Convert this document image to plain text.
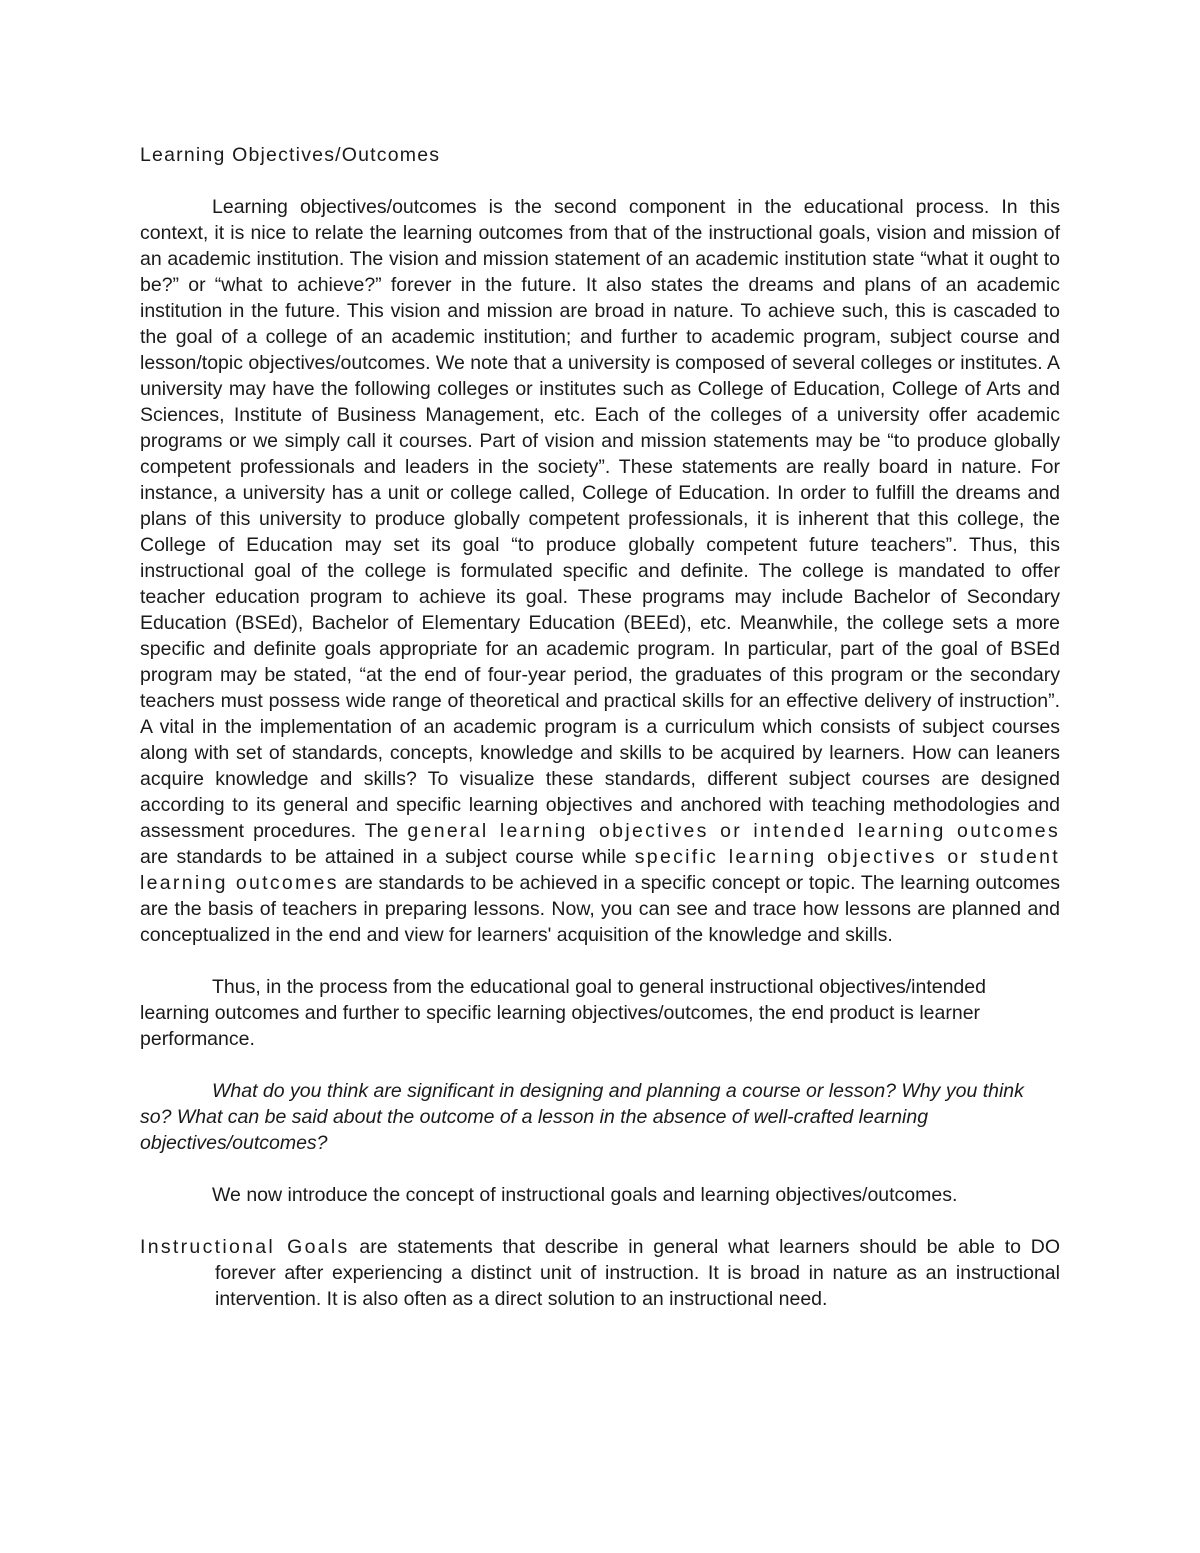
Learning Objectives/Outcomes

Learning objectives/outcomes is the second component in the educational process. In this context, it is nice to relate the learning outcomes from that of the instructional goals, vision and mission of an academic institution. The vision and mission statement of an academic institution state “what it ought to be?” or “what to achieve?” forever in the future. It also states the dreams and plans of an academic institution in the future. This vision and mission are broad in nature. To achieve such, this is cascaded to the goal of a college of an academic institution; and further to academic program, subject course and lesson/topic objectives/outcomes. We note that a university is composed of several colleges or institutes. A university may have the following colleges or institutes such as College of Education, College of Arts and Sciences, Institute of Business Management, etc. Each of the colleges of a university offer academic programs or we simply call it courses. Part of vision and mission statements may be “to produce globally competent professionals and leaders in the society”. These statements are really board in nature. For instance, a university has a unit or college called, College of Education. In order to fulfill the dreams and plans of this university to produce globally competent professionals, it is inherent that this college, the College of Education may set its goal “to produce globally competent future teachers”. Thus, this instructional goal of the college is formulated specific and definite. The college is mandated to offer teacher education program to achieve its goal. These programs may include Bachelor of Secondary Education (BSEd), Bachelor of Elementary Education (BEEd), etc. Meanwhile, the college sets a more specific and definite goals appropriate for an academic program. In particular, part of the goal of BSEd program may be stated, “at the end of four-year period, the graduates of this program or the secondary teachers must possess wide range of theoretical and practical skills for an effective delivery of instruction”. A vital in the implementation of an academic program is a curriculum which consists of subject courses along with set of standards, concepts, knowledge and skills to be acquired by learners. How can leaners acquire knowledge and skills? To visualize these standards, different subject courses are designed according to its general and specific learning objectives and anchored with teaching methodologies and assessment procedures. The general learning objectives or intended learning outcomes are standards to be attained in a subject course while specific learning objectives or student learning outcomes are standards to be achieved in a specific concept or topic. The learning outcomes are the basis of teachers in preparing lessons. Now, you can see and trace how lessons are planned and conceptualized in the end and view for learners' acquisition of the knowledge and skills.

Thus, in the process from the educational goal to general instructional objectives/intended learning outcomes and further to specific learning objectives/outcomes, the end product is learner performance.

What do you think are significant in designing and planning a course or lesson? Why you think so? What can be said about the outcome of a lesson in the absence of well-crafted learning objectives/outcomes?

We now introduce the concept of instructional goals and learning objectives/outcomes.

Instructional Goals are statements that describe in general what learners should be able to DO forever after experiencing a distinct unit of instruction. It is broad in nature as an instructional intervention. It is also often as a direct solution to an instructional need.
